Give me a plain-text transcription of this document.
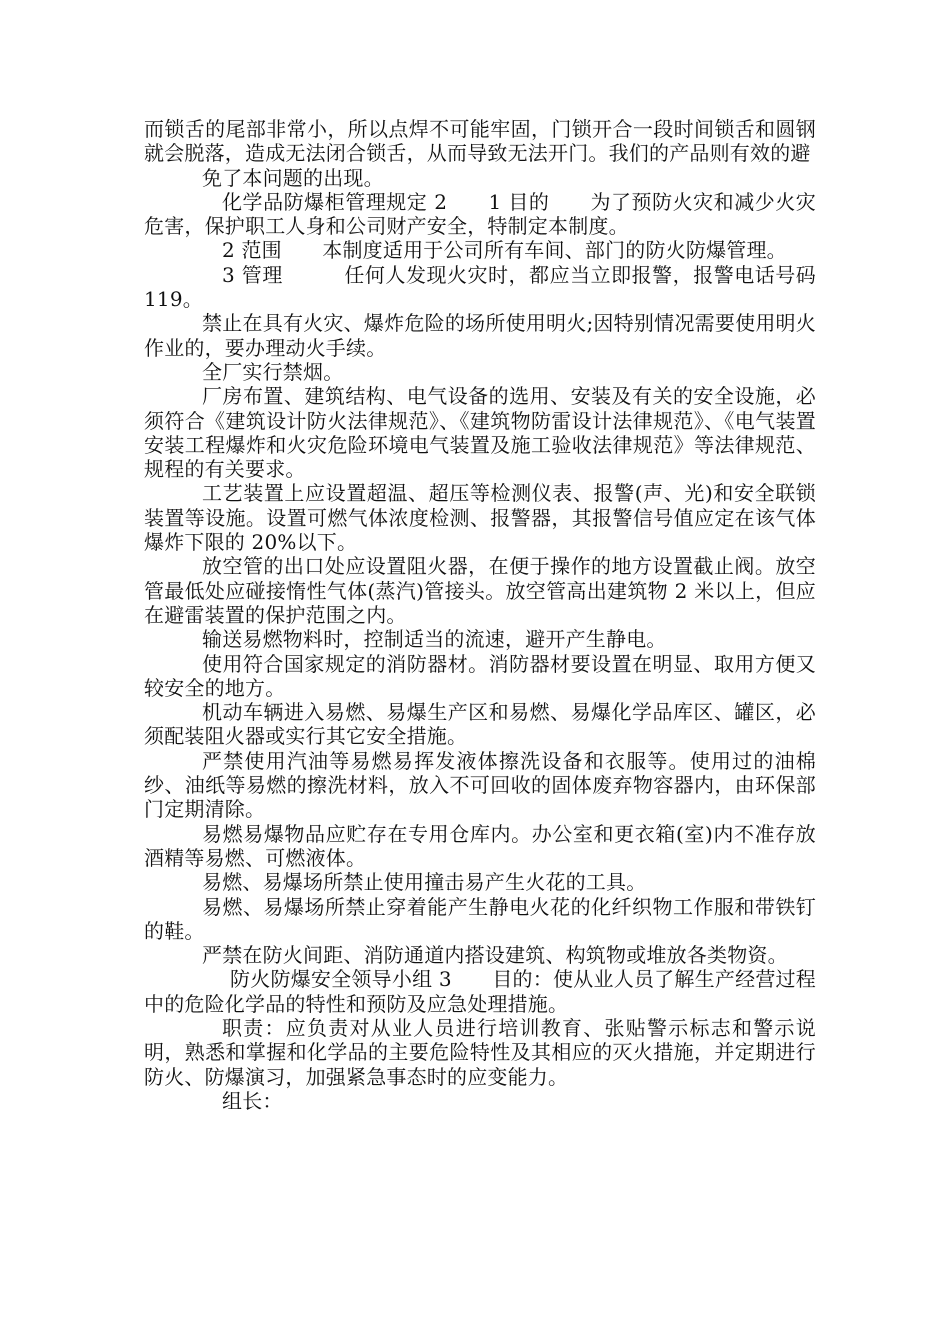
而锁舌的尾部非常小，所以点焊不可能牢固，门锁开合一段时间锁舌和圆钢就会脱落，造成无法闭合锁舌，从而导致无法开门。我们的产品则有效的避

免了本问题的出现。

化学品防爆柜管理规定 2　　1 目的　　为了预防火灾和减少火灾危害，保护职工人身和公司财产安全，特制定本制度。

2 范围　　本制度适用于公司所有车间、部门的防火防爆管理。

3 管理　　　任何人发现火灾时，都应当立即报警，报警电话号码 119。

禁止在具有火灾、爆炸危险的场所使用明火;因特别情况需要使用明火作业的，要办理动火手续。

全厂实行禁烟。

厂房布置、建筑结构、电气设备的选用、安装及有关的安全设施，必须符合《建筑设计防火法律规范》、《建筑物防雷设计法律规范》、《电气装置安装工程爆炸和火灾危险环境电气装置及施工验收法律规范》等法律规范、规程的有关要求。

工艺装置上应设置超温、超压等检测仪表、报警(声、光)和安全联锁装置等设施。设置可燃气体浓度检测、报警器，其报警信号值应定在该气体爆炸下限的 20%以下。

放空管的出口处应设置阻火器，在便于操作的地方设置截止阀。放空管最低处应碰接惰性气体(蒸汽)管接头。放空管高出建筑物 2 米以上，但应在避雷装置的保护范围之内。

输送易燃物料时，控制适当的流速，避开产生静电。

使用符合国家规定的消防器材。消防器材要设置在明显、取用方便又较安全的地方。

机动车辆进入易燃、易爆生产区和易燃、易爆化学品库区、罐区，必须配装阻火器或实行其它安全措施。

严禁使用汽油等易燃易挥发液体擦洗设备和衣服等。使用过的油棉纱、油纸等易燃的擦洗材料，放入不可回收的固体废弃物容器内，由环保部门定期清除。

易燃易爆物品应贮存在专用仓库内。办公室和更衣箱(室)内不准存放酒精等易燃、可燃液体。

易燃、易爆场所禁止使用撞击易产生火花的工具。

易燃、易爆场所禁止穿着能产生静电火花的化纤织物工作服和带铁钉的鞋。

严禁在防火间距、消防通道内搭设建筑、构筑物或堆放各类物资。

防火防爆安全领导小组 3　　目的：使从业人员了解生产经营过程中的危险化学品的特性和预防及应急处理措施。

职责：应负责对从业人员进行培训教育、张贴警示标志和警示说明，熟悉和掌握和化学品的主要危险特性及其相应的灭火措施，并定期进行防火、防爆演习，加强紧急事态时的应变能力。

组长：
